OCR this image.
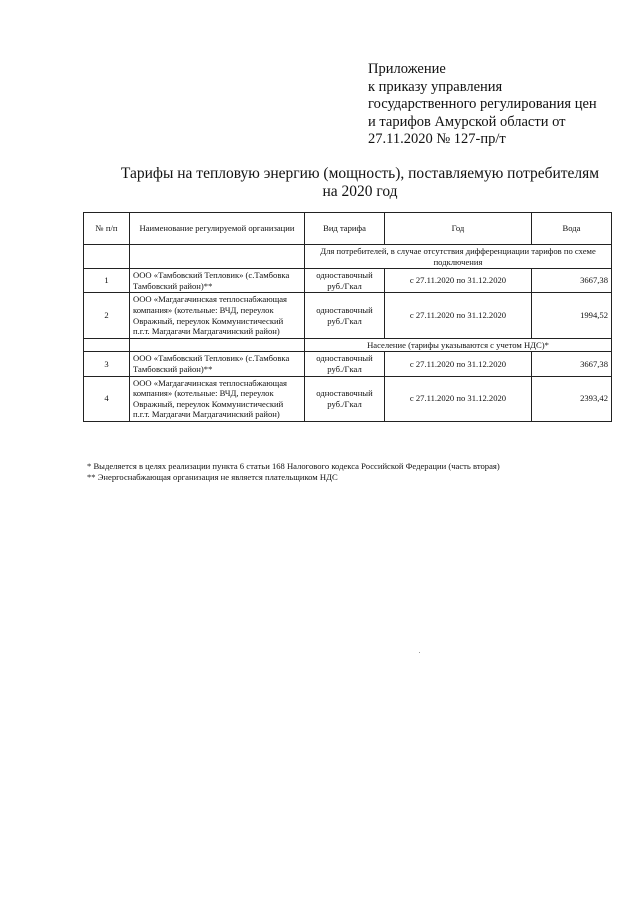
Приложение
к приказу управления
государственного регулирования цен
и тарифов Амурской области от
27.11.2020 № 127-пр/т
Тарифы на тепловую энергию (мощность), поставляемую потребителям
на 2020 год
№ п/п	Наименование регулируемой организации	Вид тарифа	Год	Вода
		Для потребителей, в случае отсутствия дифференциации тарифов по схеме подключения		
1	ООО «Тамбовский Тепловик» (с.Тамбовка Тамбовский район)**	одноставочный руб./Гкал	с 27.11.2020 по 31.12.2020	3667,38
2	ООО «Магдагачинская теплоснабжающая компания» (котельные: ВЧД, переулок Овражный, переулок Коммунистический п.г.т. Магдагачи Магдагачинский район)	одноставочный руб./Гкал	с 27.11.2020 по 31.12.2020	1994,52
		Население (тарифы указываются с учетом НДС)*		
3	ООО «Тамбовский Тепловик» (с.Тамбовка Тамбовский район)**	одноставочный руб./Гкал	с 27.11.2020 по 31.12.2020	3667,38
4	ООО «Магдагачинская теплоснабжающая компания» (котельные: ВЧД, переулок Овражный, переулок Коммунистический п.г.т. Магдагачи Магдагачинский район)	одноставочный руб./Гкал	с 27.11.2020 по 31.12.2020	2393,42
* Выделяется в целях реализации пункта 6 статьи 168 Налогового кодекса Российской Федерации (часть вторая)
** Энергоснабжающая организация не является плательщиком НДС
